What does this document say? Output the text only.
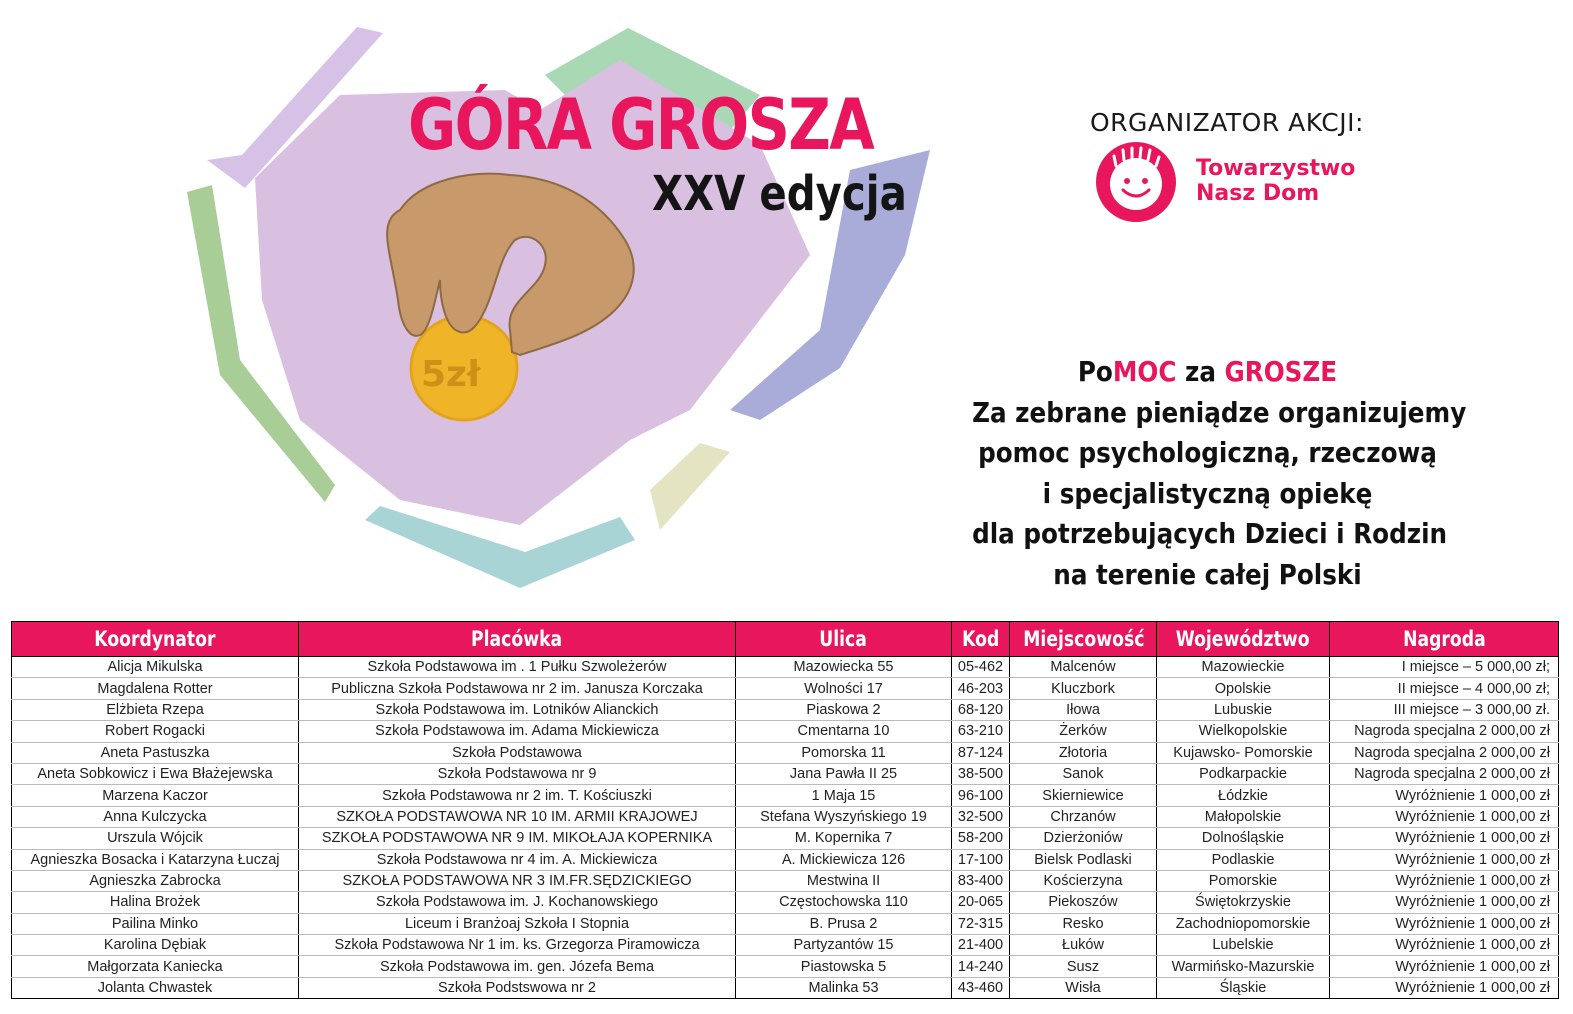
5zł
GÓRA GROSZA
XXV edycja
ORGANIZATOR AKCJI:
Towarzystwo
Nasz Dom
PoMOC za GROSZE
Za zebrane pieniądze organizujemy
pomoc psychologiczną, rzeczową
i specjalistyczną opiekę
dla potrzebujących Dzieci i Rodzin
na terenie całej Polski
Koordynator	Placówka	Ulica	Kod	Miejscowość	Województwo	Nagroda
Alicja Mikulska	Szkoła Podstawowa im . 1 Pułku Szwoleżerów	Mazowiecka 55	05-462	Malcenów	Mazowieckie	I miejsce – 5 000,00 zł;
Magdalena Rotter	Publiczna Szkoła Podstawowa nr 2 im. Janusza Korczaka	Wolności 17	46-203	Kluczbork	Opolskie	II miejsce – 4 000,00 zł;
Elżbieta Rzepa	Szkoła Podstawowa im. Lotników Alianckich	Piaskowa 2	68-120	Iłowa	Lubuskie	III miejsce – 3 000,00 zł.
Robert Rogacki	Szkoła Podstawowa im. Adama Mickiewicza	Cmentarna 10	63-210	Żerków	Wielkopolskie	Nagroda specjalna 2 000,00 zł
Aneta Pastuszka	Szkoła Podstawowa	Pomorska 11	87-124	Złotoria	Kujawsko- Pomorskie	Nagroda specjalna 2 000,00 zł
Aneta Sobkowicz i Ewa Błażejewska	Szkoła Podstawowa nr 9	Jana Pawła II 25	38-500	Sanok	Podkarpackie	Nagroda specjalna 2 000,00 zł
Marzena Kaczor	Szkoła Podstawowa nr 2 im. T. Kościuszki	1 Maja 15	96-100	Skierniewice	Łódzkie	Wyróżnienie 1 000,00 zł
Anna Kulczycka	SZKOŁA PODSTAWOWA NR 10 IM. ARMII KRAJOWEJ	Stefana Wyszyńskiego 19	32-500	Chrzanów	Małopolskie	Wyróżnienie 1 000,00 zł
Urszula Wójcik	SZKOŁA PODSTAWOWA NR 9 IM. MIKOŁAJA KOPERNIKA	M. Kopernika 7	58-200	Dzierżoniów	Dolnośląskie	Wyróżnienie 1 000,00 zł
Agnieszka Bosacka i Katarzyna Łuczaj	Szkoła Podstawowa nr 4 im. A. Mickiewicza	A. Mickiewicza 126	17-100	Bielsk Podlaski	Podlaskie	Wyróżnienie 1 000,00 zł
Agnieszka Zabrocka	SZKOŁA PODSTAWOWA NR 3 IM.FR.SĘDZICKIEGO	Mestwina II	83-400	Kościerzyna	Pomorskie	Wyróżnienie 1 000,00 zł
Halina Brożek	Szkoła Podstawowa im. J. Kochanowskiego	Częstochowska 110	20-065	Piekoszów	Świętokrzyskie	Wyróżnienie 1 000,00 zł
Pailina Minko	Liceum i Branżoaj Szkoła I Stopnia	B. Prusa 2	72-315	Resko	Zachodniopomorskie	Wyróżnienie 1 000,00 zł
Karolina Dębiak	Szkoła Podstawowa Nr 1 im. ks. Grzegorza Piramowicza	Partyzantów 15	21-400	Łuków	Lubelskie	Wyróżnienie 1 000,00 zł
Małgorzata Kaniecka	Szkoła Podstawowa im. gen. Józefa Bema	Piastowska 5	14-240	Susz	Warmińsko-Mazurskie	Wyróżnienie 1 000,00 zł
Jolanta Chwastek	Szkoła Podstswowa nr 2	Malinka 53	43-460	Wisła	Śląskie	Wyróżnienie 1 000,00 zł
